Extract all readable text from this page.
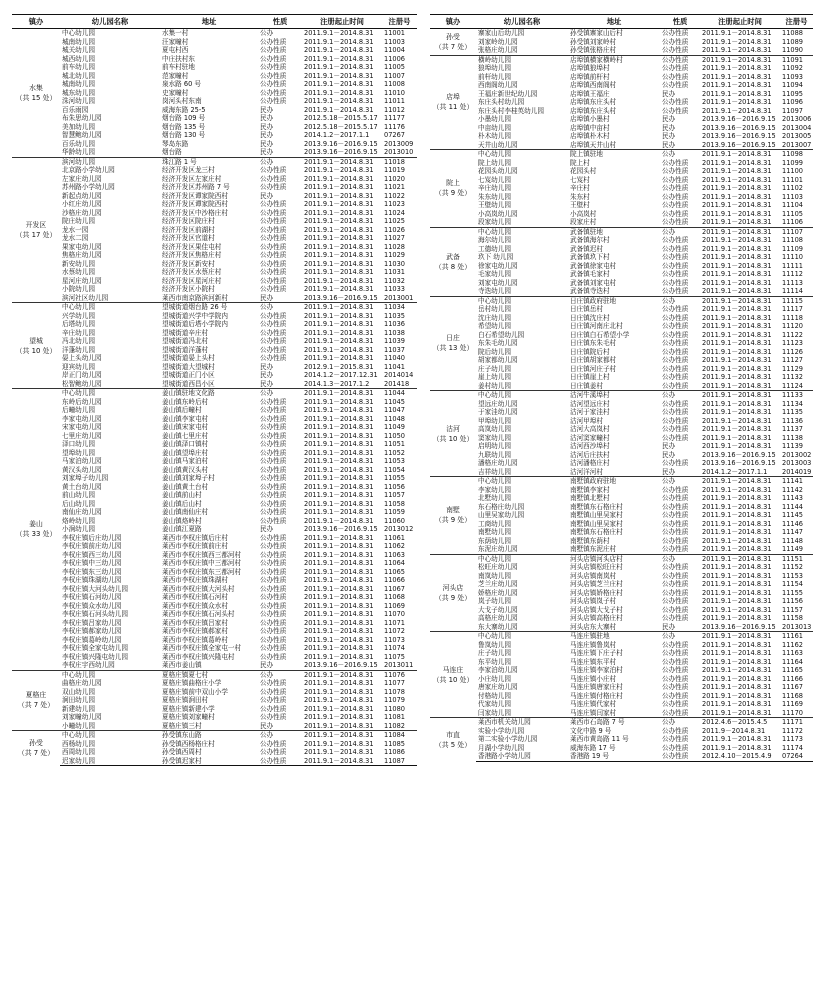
镇办	幼儿园名称	地址	性质	注册起止时间	注册号
水集
（共 15 处）	中心幼儿园	水集一村	公办	2011.9.1－2014.8.31	11001
	城南幼儿园	汪家疃村	公办性质	2011.9.1－2014.8.31	11003
	城关幼儿园	夏屯村西	公办性质	2011.9.1－2014.8.31	11004
	城西幼儿园	中庄扶村东	公办性质	2011.9.1－2014.8.31	11006
	前车幼儿园	前车村驻地	公办性质	2011.9.1－2014.8.31	11005
	城北幼儿园	范家疃村	公办性质	2011.9.1－2014.8.31	11007
	城南幼儿园	泉水路 60 号	公办性质	2011.9.1－2014.8.31	11008
	城东幼儿园	史家疃村	公办性质	2011.9.1－2014.8.31	11010
	洙河幼儿园	岗河头村东南	公办性质	2011.9.1－2014.8.31	11011
	百乐雨园	威海东路 25-5	民办	2011.9.1－2014.8.31	11012
	布朱思幼儿园	烟台路 109 号	民办	2012.5.18－2015.5.17	11177
	美加幼儿园	烟台路 135 号	民办	2012.5.18－2015.5.17	11176
	智慧鲍幼儿园	烟台路 130 号	民办	2014.1.2－2017.1.1	07267
	百乐幼儿园	琴岛东路	民办	2013.9.16－2016.9.15	2013009
	华龄幼儿园	烟台路	民办	2013.9.16－2016.9.15	2013010
开发区
（共 17 处）	滨河幼儿园	珠江路 1 号	公办	2011.9.1－2014.8.31	11018
	北京路小学幼儿园	经济开发区龙三村	公办性质	2011.9.1－2014.8.31	11019
	左家庄幼儿园	经济开发区左家庄村	公办性质	2011.9.1－2014.8.31	11020
	苏州路小学幼儿园	经济开发区苏州路 7 号	公办性质	2011.9.1－2014.8.31	11021
	新起点幼儿园	经济开发区谭家院西村	民办	2011.9.1－2014.8.31	11022
	小红庄幼儿园	经济开发区谭家院西村	公办性质	2011.9.1－2014.8.31	11023
	沙格庄幼儿园	经济开发区中沙格庄村	公办性质	2011.9.1－2014.8.31	11024
	院庄幼儿园	经济开发区院庄村	公办性质	2011.9.1－2014.8.31	11025
	龙水一园	经济开发区前湖村	公办性质	2011.9.1－2014.8.31	11026
	龙水二园	经济开发区官道村	公办性质	2011.9.1－2014.8.31	11027
	果家屯幼儿园	经济开发区果佳屯村	公办性质	2011.9.1－2014.8.31	11028
	焦格庄幼儿园	经济开发区焦格庄村	公办性质	2011.9.1－2014.8.31	11029
	新安幼儿园	经济开发区新安村	公办性质	2011.9.1－2014.8.31	11030
	水蔡幼儿园	经济开发区水蔡庄村	公办性质	2011.9.1－2014.8.31	11031
	星河庄幼儿园	经济开发区星河庄村	公办性质	2011.9.1－2014.8.31	11032
	小院幼儿园	经济开发区小院村	公办性质	2011.9.1－2014.8.31	11033
	滨河社区幼儿园	莱西市南京路滨河新村	民办	2013.9.16－2016.9.15	2013001
望城
（共 10 处）	中心幼儿园	望城街道烟台路 26 号	公办	2011.9.1－2014.8.31	11034
	兴学幼儿园	望城街道兴学中学院内	公办性质	2011.9.1－2014.8.31	11035
	后塔幼儿园	望城街道后塔小学院内	公办性质	2011.9.1－2014.8.31	11036
	辛庄幼儿园	望城街道辛庄村	公办性质	2011.9.1－2014.8.31	11038
	冯北幼儿园	望城街道冯北村	公办性质	2011.9.1－2014.8.31	11039
	洋蓬幼儿园	望城街道洋蓬村	公办性质	2011.9.1－2014.8.31	11037
	晏上头幼儿园	望城街道晏上头村	公办性质	2011.9.1－2014.8.31	11040
	迎宾幼儿园	望城街道大望城村	民办	2012.9.1－2015.8.31	11041
	岸正门幼儿园	望城街道正门小区	民办	2014.1.2－2017.12.31	2014014
	松智鲍幼儿园	望城街道西昌小区	民办	2014.1.3－2017.1.2	201418
姜山
（共 33 处）	中心幼儿园	姜山镇驻地文化路	公办	2011.9.1－2014.8.31	11044
	东岭后幼儿园	姜山镇东岭后村	公办性质	2011.9.1－2014.8.31	11045
	后疃幼儿园	姜山镇后疃村	公办性质	2011.9.1－2014.8.31	11047
	李家屯幼儿园	姜山镇李家屯村	公办性质	2011.9.1－2014.8.31	11048
	宋家屯幼儿园	姜山镇宋家屯村	公办性质	2011.9.1－2014.8.31	11049
	七里庄幼儿园	姜山镇七里庄村	公办性质	2011.9.1－2014.8.31	11050
	泽口幼儿园	姜山镇泽口镇村	公办性质	2011.9.1－2014.8.31	11051
	望埠幼儿园	姜山镇望埠庄村	公办性质	2011.9.1－2014.8.31	11052
	马家泊幼儿园	姜山镇马家泊村	公办性质	2011.9.1－2014.8.31	11053
	黄汉头幼儿园	姜山镇黄汉头村	公办性质	2011.9.1－2014.8.31	11054
	刘家埠子幼儿园	姜山镇刘家埠子村	公办性质	2011.9.1－2014.8.31	11055
	黄土台幼儿园	姜山镇黄土台村	公办性质	2011.9.1－2014.8.31	11056
	前山幼儿园	姜山镇前山村	公办性质	2011.9.1－2014.8.31	11057
	后山幼儿园	姜山镇后山村	公办性质	2011.9.1－2014.8.31	11058
	南仙庄幼儿园	姜山镇南仙庄村	公办性质	2011.9.1－2014.8.31	11059
	烙岭幼儿园	姜山镇烙岭村	公办性质	2011.9.1－2014.8.31	11060
	小涧幼儿园	姜山镇江夏路	民办	2013.9.16－2016.9.15	2013012
	李权庄镇后庄幼儿园	莱西市李权庄镇后庄村	公办性质	2011.9.1－2014.8.31	11061
	李权庄镇前庄幼儿园	莱西市李权庄镇前庄村	公办性质	2011.9.1－2014.8.31	11062
	李权庄镇西三幼儿园	莱西市李权庄镇西三都河村	公办性质	2011.9.1－2014.8.31	11063
	李权庄镇中三幼儿园	莱西市李权庄镇中三都河村	公办性质	2011.9.1－2014.8.31	11064
	李权庄镇东三幼儿园	莱西市李权庄镇东三都河村	公办性质	2011.9.1－2014.8.31	11065
	李权庄镇珠湖幼儿园	莱西市李权庄镇珠湖村	公办性质	2011.9.1－2014.8.31	11066
	李权庄镇大河头幼儿园	莱西市李权庄镇大河头村	公办性质	2011.9.1－2014.8.31	11067
	李权庄镇石河幼儿园	莱西市李权庄镇石河村	公办性质	2011.9.1－2014.8.31	11068
	李权庄镇众水幼儿园	莱西市李权庄镇众水村	公办性质	2011.9.1－2014.8.31	11069
	李权庄镇石河头幼儿园	莱西市李权庄镇石河头村	公办性质	2011.9.1－2014.8.31	11070
	李权庄镇吕家幼儿园	莱西市李权庄镇吕家村	公办性质	2011.9.1－2014.8.31	11071
	李权庄镇郝家幼儿园	莱西市李权庄镇郝家村	公办性质	2011.9.1－2014.8.31	11072
	李权庄镇葛岭幼儿园	莱西市李权庄镇葛岭村	公办性质	2011.9.1－2014.8.31	11073
	李权庄镇全家屯幼儿园	莱西市李权庄镇全家屯一村	公办性质	2011.9.1－2014.8.31	11074
	李权庄镇兴隆屯幼儿园	莱西市李权庄镇兴隆屯村	公办性质	2011.9.1－2014.8.31	11075
	李权庄宇西幼儿园	莱西市姜山镇	民办	2013.9.16－2016.9.15	2013011
夏格庄
（共 7 处）	中心幼儿园	夏格庄镇夏七村	公办	2011.9.1－2014.8.31	11076
	曲格庄幼儿园	夏格庄镇曲格庄小学	公办性质	2011.9.1－2014.8.31	11077
	双山幼儿园	夏格庄镇前中双山小学	公办性质	2011.9.1－2014.8.31	11078
	涧田幼儿园	夏格庄镇涧田村	公办性质	2011.9.1－2014.8.31	11079
	新建幼儿园	夏格庄镇新建小学	公办性质	2011.9.1－2014.8.31	11080
	刘家疃幼儿园	夏格庄镇刘家疃村	公办性质	2011.9.1－2014.8.31	11081
	小疃幼儿园	夏格庄镇三村	民办	2011.9.1－2014.8.31	11082
孙受
（共 7 处）	中心幼儿园	孙受镇东山路	公办	2011.9.1－2014.8.31	11084
	西杨幼儿园	孙受镇西杨格庄村	公办性质	2011.9.1－2014.8.31	11085
	西周幼儿园	孙受镇西周村	公办性质	2011.9.1－2014.8.31	11086
	迟家幼儿园	孙受镇迟家村	公办性质	2011.9.1－2014.8.31	11087
镇办	幼儿园名称	地址	性质	注册起止时间	注册号
孙受
（共 7 处）	寨家山后幼儿园	孙受镇寨家山后村	公办性质	2011.9.1－2014.8.31	11088
	刘家岭幼儿园	孙受镇刘家岭村	公办性质	2011.9.1－2014.8.31	11089
	张格庄幼儿园	孙受镇张格庄村	公办性质	2011.9.1－2014.8.31	11090
店埠
（共 11 处）	横岭幼儿园	店埠镇横家横岭村	公办性质	2011.9.1－2014.8.31	11091
	狼埠幼儿园	店埠镇狼埠村	公办性质	2011.9.1－2014.8.31	11092
	前杆幼儿园	店埠镇前杆村	公办性质	2011.9.1－2014.8.31	11093
	西南阁幼儿园	店埠镇西南阁村	公办性质	2011.9.1－2014.8.31	11094
	王福庄新世纪幼儿园	店埠镇王福庄	民办	2011.9.1－2014.8.31	11095
	东庄头村幼儿园	店埠镇东庄头村	公办性质	2011.9.1－2014.8.31	11096
	东庄头村李桂英幼儿园	店埠镇东庄头村	公办性质	2011.9.1－2014.8.31	11097
	小墨幼儿园	店埠镇小墨村	民办	2013.9.16－2016.9.15	2013006
	中亩幼儿园	店埠镇中亩村	民办	2013.9.16－2016.9.15	2013004
	朴木幼儿园	店埠镇朴木村	民办	2013.9.16－2016.9.15	2013005
	天井山幼儿园	店埠镇天井山村	民办	2013.9.16－2016.9.15	2013007
院上
（共 9 处）	中心幼儿园	院上镇驻地	公办	2011.9.1－2014.8.31	11098
	院上幼儿园	院上村	公办性质	2011.9.1－2014.8.31	11099
	花园头幼儿园	花园头村	公办性质	2011.9.1－2014.8.31	11100
	七岌幼儿园	七岌村	公办性质	2011.9.1－2014.8.31	11101
	辛庄幼儿园	辛庄村	公办性质	2011.9.1－2014.8.31	11102
	朱东幼儿园	朱东村	公办性质	2011.9.1－2014.8.31	11103
	王壁幼儿园	王壁村	公办性质	2011.9.1－2014.8.31	11104
	小高岚幼儿园	小高岚村	公办性质	2011.9.1－2014.8.31	11105
	段家幼儿园	段家庄村	公办性质	2011.9.1－2014.8.31	11106
武备
（共 8 处）	中心幼儿园	武备镇驻地	公办	2011.9.1－2014.8.31	11107
	海尔幼儿园	武备镇海尔村	公办性质	2011.9.1－2014.8.31	11108
	工德幼儿园	武备镇迟村	公办性质	2011.9.1－2014.8.31	11109
	玖下 幼儿园	武备镇玖下村	公办性质	2011.9.1－2014.8.31	11110
	徐家屯幼儿园	武备镇徐家屯村	公办性质	2011.9.1－2014.8.31	11111
	毛家幼儿园	武备镇毛家村	公办性质	2011.9.1－2014.8.31	11112
	刘家屯幼儿园	武备镇刘家屯村	公办性质	2011.9.1－2014.8.31	11113
	寺迭幼儿园	武备镇寺迭村	公办性质	2011.9.1－2014.8.31	11114
日庄
（共 13 处）	中心幼儿园	日庄镇政府驻地	公办	2011.9.1－2014.8.31	11115
	岳村幼儿园	日庄镇岳村	公办性质	2011.9.1－2014.8.31	11117
	沈庄幼儿园	日庄镇沈庄村	公办性质	2011.9.1－2014.8.31	11118
	希望幼儿园	日庄镇河南庄北村	公办性质	2011.9.1－2014.8.31	11120
	白石希望幼儿园	日庄镇白石希望小学	公办性质	2011.9.1－2014.8.31	11122
	东朱毛幼儿园	日庄镇东朱毛村	公办性质	2011.9.1－2014.8.31	11123
	院后幼儿园	日庄镇院后村	公办性质	2011.9.1－2014.8.31	11126
	胡家都幼儿园	日庄镇胡家都村	公办性质	2011.9.1－2014.8.31	11127
	庄子幼儿园	日庄镇河庄子村	公办性质	2011.9.1－2014.8.31	11129
	崖上幼儿园	日庄镇崖上村	公办性质	2011.9.1－2014.8.31	11132
	姜村幼儿园	日庄镇姜村	公办性质	2011.9.1－2014.8.31	11124
沽河
（共 10 处）	中心幼儿园	沽河牛溪埠村	公办	2011.9.1－2014.8.31	11133
	望远庄幼儿园	沽河望远庄村	公办性质	2011.9.1－2014.8.31	11134
	于家洼幼儿园	沽河于家洼村	公办性质	2011.9.1－2014.8.31	11135
	甲埠幼儿园	沽河甲埠村	公办性质	2011.9.1－2014.8.31	11136
	高岚幼儿园	沽河大高岚村	公办性质	2011.9.1－2014.8.31	11137
	窦家幼儿园	沽河窦家疃村	公办性质	2011.9.1－2014.8.31	11138
	启明幼儿园	沽河西沙埠村	民办	2011.9.1－2014.8.31	11139
	九联幼儿园	沽河后庄扶村	民办	2013.9.16－2016.9.15	2013002
	潘格庄幼儿园	沽河潘格庄村	公办性质	2013.9.16－2016.9.15	2013003
	吉祥幼儿园	沽河洋河村	民办	2014.1.2－2017.1.1	2014019
南墅
（共 9 处）	中心幼儿园	南墅镇政府驻地	公办	2011.9.1－2014.8.31	11141
	李家幼儿园	南墅镇李家村	公办性质	2011.9.1－2014.8.31	11142
	北墅幼儿园	南墅镇北墅村	公办性质	2011.9.1－2014.8.31	11143
	东石格庄幼儿园	南墅镇东石格庄村	公办性质	2011.9.1－2014.8.31	11144
	山里吴家幼儿园	南墅镇山里吴家村	公办性质	2011.9.1－2014.8.31	11145
	工商幼儿园	南墅镇山里吴家村	公办性质	2011.9.1－2014.8.31	11146
	南墅幼儿园	南墅镇东石格庄村	公办性质	2011.9.1－2014.8.31	11147
	东荫幼儿园	南墅镇东荫村	公办性质	2011.9.1－2014.8.31	11148
	东泥庄幼儿园	南墅镇东泥庄村	公办性质	2011.9.1－2014.8.31	11149
河头店
（共 9 处）	中心幼儿园	河头店镇河头店村	公办	2011.9.1－2014.8.31	11151
	松旺庄幼儿园	河头店镇松旺庄村	公办性质	2011.9.1－2014.8.31	11152
	南岚幼儿园	河头店镇南岚村	公办性质	2011.9.1－2014.8.31	11153
	芝兰庄幼儿园	河头店镇芝兰庄村	公办性质	2011.9.1－2014.8.31	11154
	娇格庄幼儿园	河头店镇娇格庄村	公办性质	2011.9.1－2014.8.31	11155
	岚子幼儿园	河头店镇岚子村	公办性质	2011.9.1－2014.8.31	11156
	大戈子幼儿园	河头店镇大戈子村	公办性质	2011.9.1－2014.8.31	11157
	高格庄幼儿园	河头店镇高格庄村	公办性质	2011.9.1－2014.8.31	11158
	东大寨幼儿园	河头店东大寨村	民办	2013.9.16－2016.9.15	2013013
马连庄
（共 10 处）	中心幼儿园	马连庄镇驻地	公办	2011.9.1－2014.8.31	11161
	鲁岚幼儿园	马连庄镇鲁岚村	公办性质	2011.9.1－2014.8.31	11162
	庄子幼儿园	马连庄镇下庄子村	公办性质	2011.9.1－2014.8.31	11163
	东平幼儿园	马连庄镇东平村	公办性质	2011.9.1－2014.8.31	11164
	李家泊幼儿园	马连庄镇李家泊村	公办性质	2011.9.1－2014.8.31	11165
	小庄幼儿园	马连庄镇小庄村	公办性质	2011.9.1－2014.8.31	11166
	唐家庄幼儿园	马连庄镇唐家庄村	公办性质	2011.9.1－2014.8.31	11167
	付格幼儿园	马连庄镇付格庄村	公办性质	2011.9.1－2014.8.31	11168
	代家幼儿园	马连庄镇代家村	公办性质	2011.9.1－2014.8.31	11169
	闫家幼儿园	马连庄镇闫家村	公办性质	2011.9.1－2014.8.31	11170
市直
（共 5 处）	莱西市机关幼儿园	莱西市石岛路 7 号	公办	2012.4.6－2015.4.5	11171
	实验小学幼儿园	文化中路 9 号	公办性质	2011.9－2014.8.31	11172
	第二实验小学幼儿园	莱西市黄岛路 11 号	公办性质	2011.9.1－2014.8.31	11173
	月湖小学幼儿园	威海东路 17 号	公办性质	2011.9.1－2014.8.31	11174
	香港路小学幼儿园	香港路 19 号	公办性质	2012.4.10－2015.4.9	07264
